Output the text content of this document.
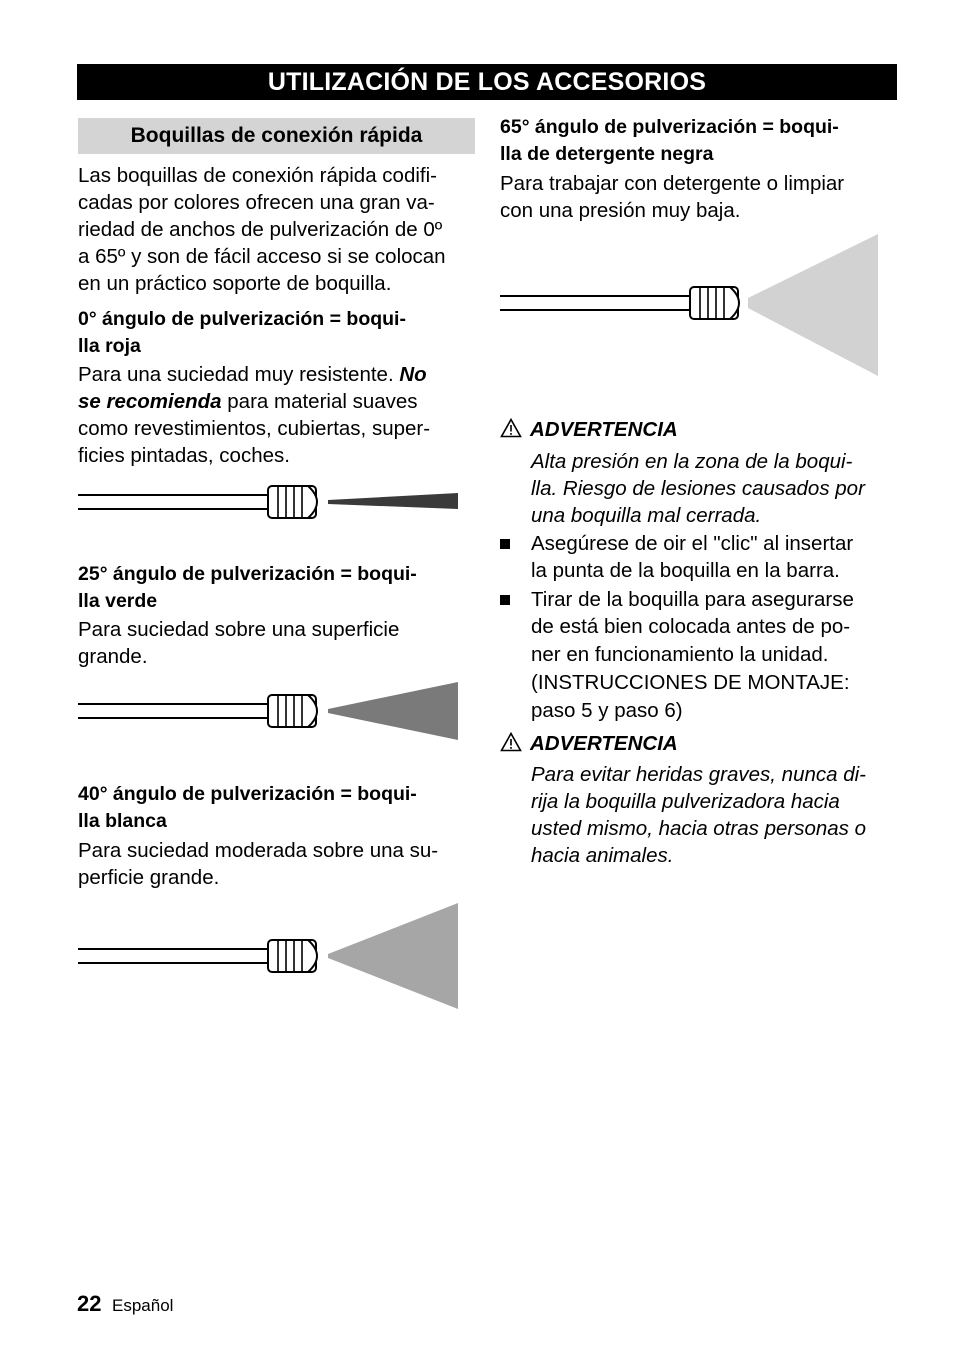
UTILIZACIÓN DE LOS ACCESORIOS
Boquillas de conexión rápida

Las boquillas de conexión rápida codifi-

cadas por colores ofrecen una gran va-

riedad de anchos de pulverización de 0º

a 65º y son de fácil acceso si se colocan

en un práctico soporte de boquilla.

0° ángulo de pulverización = boqui-

lla roja

Para una suciedad muy resistente. No

se recomienda para material suaves

como revestimientos, cubiertas, super-

ficies pintadas, coches.

25° ángulo de pulverización = boqui-

lla verde

Para suciedad sobre una superficie

grande.

40° ángulo de pulverización = boqui-

lla blanca

Para suciedad moderada sobre una su-

perficie grande.

65° ángulo de pulverización = boqui-

lla de detergente negra

Para trabajar con detergente o limpiar

con una presión muy baja.

ADVERTENCIA

Alta presión en la zona de la boqui-

lla. Riesgo de lesiones causados por

una boquilla mal cerrada.

Asegúrese de oir el "clic" al insertar

la punta de la boquilla en la barra.

Tirar de la boquilla para asegurarse

de está bien colocada antes de po-

ner en funcionamiento la unidad.

(INSTRUCCIONES DE MONTAJE:

paso 5 y paso 6)

ADVERTENCIA

Para evitar heridas graves, nunca di-

rija la boquilla pulverizadora hacia

usted mismo, hacia otras personas o

hacia animales.

22 Español
